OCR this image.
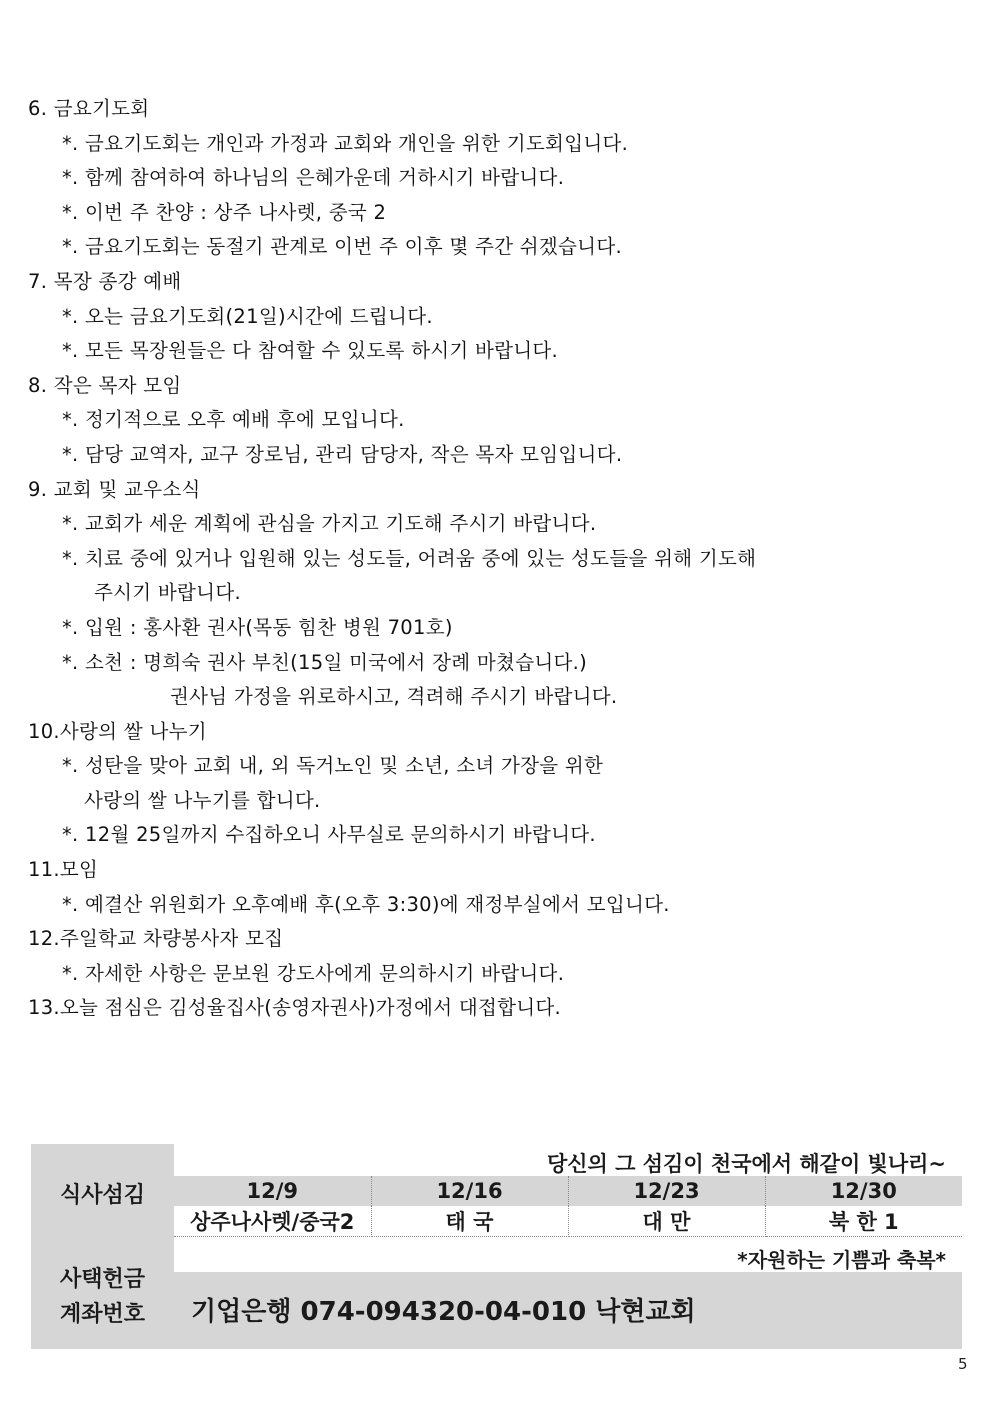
6. 금요기도회
*. 금요기도회는 개인과 가정과 교회와 개인을 위한 기도회입니다.
*. 함께 참여하여 하나님의 은혜가운데 거하시기 바랍니다.
*. 이번 주 찬양 : 상주 나사렛, 중국 2
*. 금요기도회는 동절기 관계로 이번 주 이후 몇 주간 쉬겠습니다.
7. 목장 종강 예배
*. 오는 금요기도회(21일)시간에 드립니다.
*. 모든 목장원들은 다 참여할 수 있도록 하시기 바랍니다.
8. 작은 목자 모임
*. 정기적으로 오후 예배 후에 모입니다.
*. 담당 교역자, 교구 장로님, 관리 담당자, 작은 목자 모임입니다.
9. 교회 및 교우소식
*. 교회가 세운 계획에 관심을 가지고 기도해 주시기 바랍니다.
*. 치료 중에 있거나 입원해 있는 성도들, 어려움 중에 있는 성도들을 위해 기도해
주시기 바랍니다.
*. 입원 : 홍사환 권사(목동 힘찬 병원 701호)
*. 소천 : 명희숙 권사 부친(15일 미국에서 장례 마쳤습니다.)
권사님 가정을 위로하시고, 격려해 주시기 바랍니다.
10.사랑의 쌀 나누기
*. 성탄을 맞아 교회 내, 외 독거노인 및 소년, 소녀 가장을 위한
사랑의 쌀 나누기를 합니다.
*. 12월 25일까지 수집하오니 사무실로 문의하시기 바랍니다.
11.모임
*. 예결산 위원회가 오후예배 후(오후 3:30)에 재정부실에서 모입니다.
12.주일학교 차량봉사자 모집
*. 자세한 사항은 문보원 강도사에게 문의하시기 바랍니다.
13.오늘 점심은 김성율집사(송영자권사)가정에서 대접합니다.
식사섬김
당신의 그 섬김이 천국에서 해같이 빛나리~
12/9	12/16	12/23	12/30
상주나사렛/중국2	태 국	대 만	북 한 1
*자원하는 기쁨과 축복*
사택헌금
계좌번호	기업은행 074-094320-04-010 낙현교회
5
